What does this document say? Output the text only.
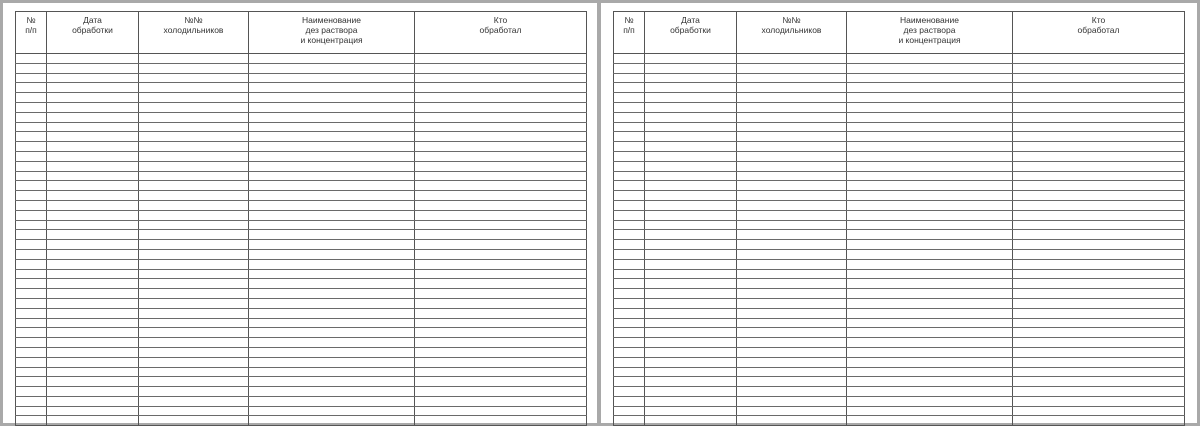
№
п/п	Дата
обработки	№№
холодильников	Наименование
дез раствора
и концентрация	Кто
обработал

№
п/п	Дата
обработки	№№
холодильников	Наименование
дез раствора
и концентрация	Кто
обработал
